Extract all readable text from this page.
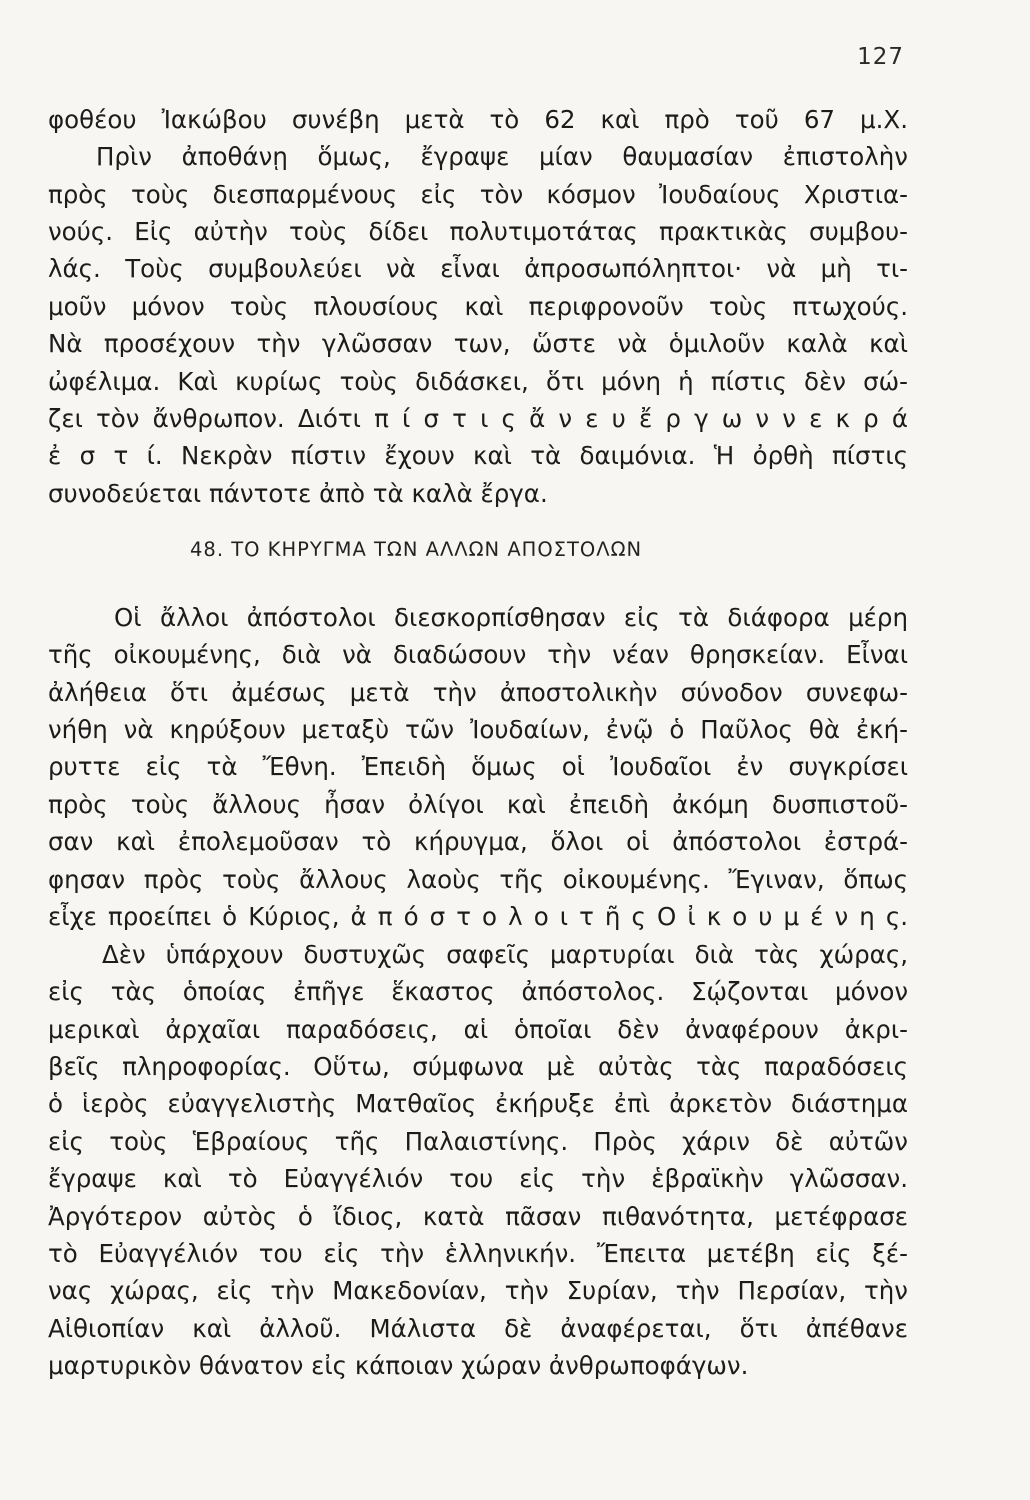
127
φοθέου Ἰακώβου συνέβη μετὰ τὸ 62 καὶ πρὸ τοῦ 67 μ.Χ.
Πρὶν ἀποθάνῃ ὅμως, ἔγραψε μίαν θαυμασίαν ἐπιστολὴν
πρὸς τοὺς διεσπαρμένους εἰς τὸν κόσμον Ἰουδαίους Χριστια-
νούς. Εἰς αὐτὴν τοὺς δίδει πολυτιμοτάτας πρακτικὰς συμβου-
λάς. Τοὺς συμβουλεύει νὰ εἶναι ἀπροσωπόληπτοι· νὰ μὴ τι-
μοῦν μόνον τοὺς πλουσίους καὶ περιφρονοῦν τοὺς πτωχούς.
Νὰ προσέχουν τὴν γλῶσσαν των, ὥστε νὰ ὁμιλοῦν καλὰ καὶ
ὠφέλιμα. Καὶ κυρίως τοὺς διδάσκει, ὅτι μόνη ἡ πίστις δὲν σώ-
ζει τὸν ἄνθρωπον. Διότι π ί σ τ ι ς ἄ ν ε υ ἔ ρ γ ω ν ν ε κ ρ ά
ἐ σ τ ί. Νεκρὰν πίστιν ἔχουν καὶ τὰ δαιμόνια. Ἡ ὀρθὴ πίστις
συνοδεύεται πάντοτε ἀπὸ τὰ καλὰ ἔργα.
48. ΤΟ ΚΗΡΥΓΜΑ ΤΩΝ ΑΛΛΩΝ ΑΠΟΣΤΟΛΩΝ
Οἱ ἄλλοι ἀπόστολοι διεσκορπίσθησαν εἰς τὰ διάφορα μέρη
τῆς οἰκουμένης, διὰ νὰ διαδώσουν τὴν νέαν θρησκείαν. Εἶναι
ἀλήθεια ὅτι ἀμέσως μετὰ τὴν ἀποστολικὴν σύνοδον συνεφω-
νήθη νὰ κηρύξουν μεταξὺ τῶν Ἰουδαίων, ἐνῷ ὁ Παῦλος θὰ ἐκή-
ρυττε εἰς τὰ Ἔθνη. Ἐπειδὴ ὅμως οἱ Ἰουδαῖοι ἐν συγκρίσει
πρὸς τοὺς ἄλλους ἦσαν ὀλίγοι καὶ ἐπειδὴ ἀκόμη δυσπιστοῦ-
σαν καὶ ἐπολεμοῦσαν τὸ κήρυγμα, ὅλοι οἱ ἀπόστολοι ἐστρά-
φησαν πρὸς τοὺς ἄλλους λαοὺς τῆς οἰκουμένης. Ἔγιναν, ὅπως
εἶχε προείπει ὁ Κύριος, ἀ π ό σ τ ο λ ο ι τ ῆ ς Ο ἰ κ ο υ μ έ ν η ς.
Δὲν ὑπάρχουν δυστυχῶς σαφεῖς μαρτυρίαι διὰ τὰς χώρας,
εἰς τὰς ὁποίας ἐπῆγε ἕκαστος ἀπόστολος. Σῴζονται μόνον
μερικαὶ ἀρχαῖαι παραδόσεις, αἱ ὁποῖαι δὲν ἀναφέρουν ἀκρι-
βεῖς πληροφορίας. Οὕτω, σύμφωνα μὲ αὐτὰς τὰς παραδόσεις
ὁ ἱερὸς εὐαγγελιστὴς Ματθαῖος ἐκήρυξε ἐπὶ ἀρκετὸν διάστημα
εἰς τοὺς Ἑβραίους τῆς Παλαιστίνης. Πρὸς χάριν δὲ αὐτῶν
ἔγραψε καὶ τὸ Εὐαγγέλιόν του εἰς τὴν ἑβραϊκὴν γλῶσσαν.
Ἀργότερον αὐτὸς ὁ ἴδιος, κατὰ πᾶσαν πιθανότητα, μετέφρασε
τὸ Εὐαγγέλιόν του εἰς τὴν ἑλληνικήν. Ἔπειτα μετέβη εἰς ξέ-
νας χώρας, εἰς τὴν Μακεδονίαν, τὴν Συρίαν, τὴν Περσίαν, τὴν
Αἰθιοπίαν καὶ ἀλλοῦ. Μάλιστα δὲ ἀναφέρεται, ὅτι ἀπέθανε
μαρτυρικὸν θάνατον εἰς κάποιαν χώραν ἀνθρωποφάγων.
